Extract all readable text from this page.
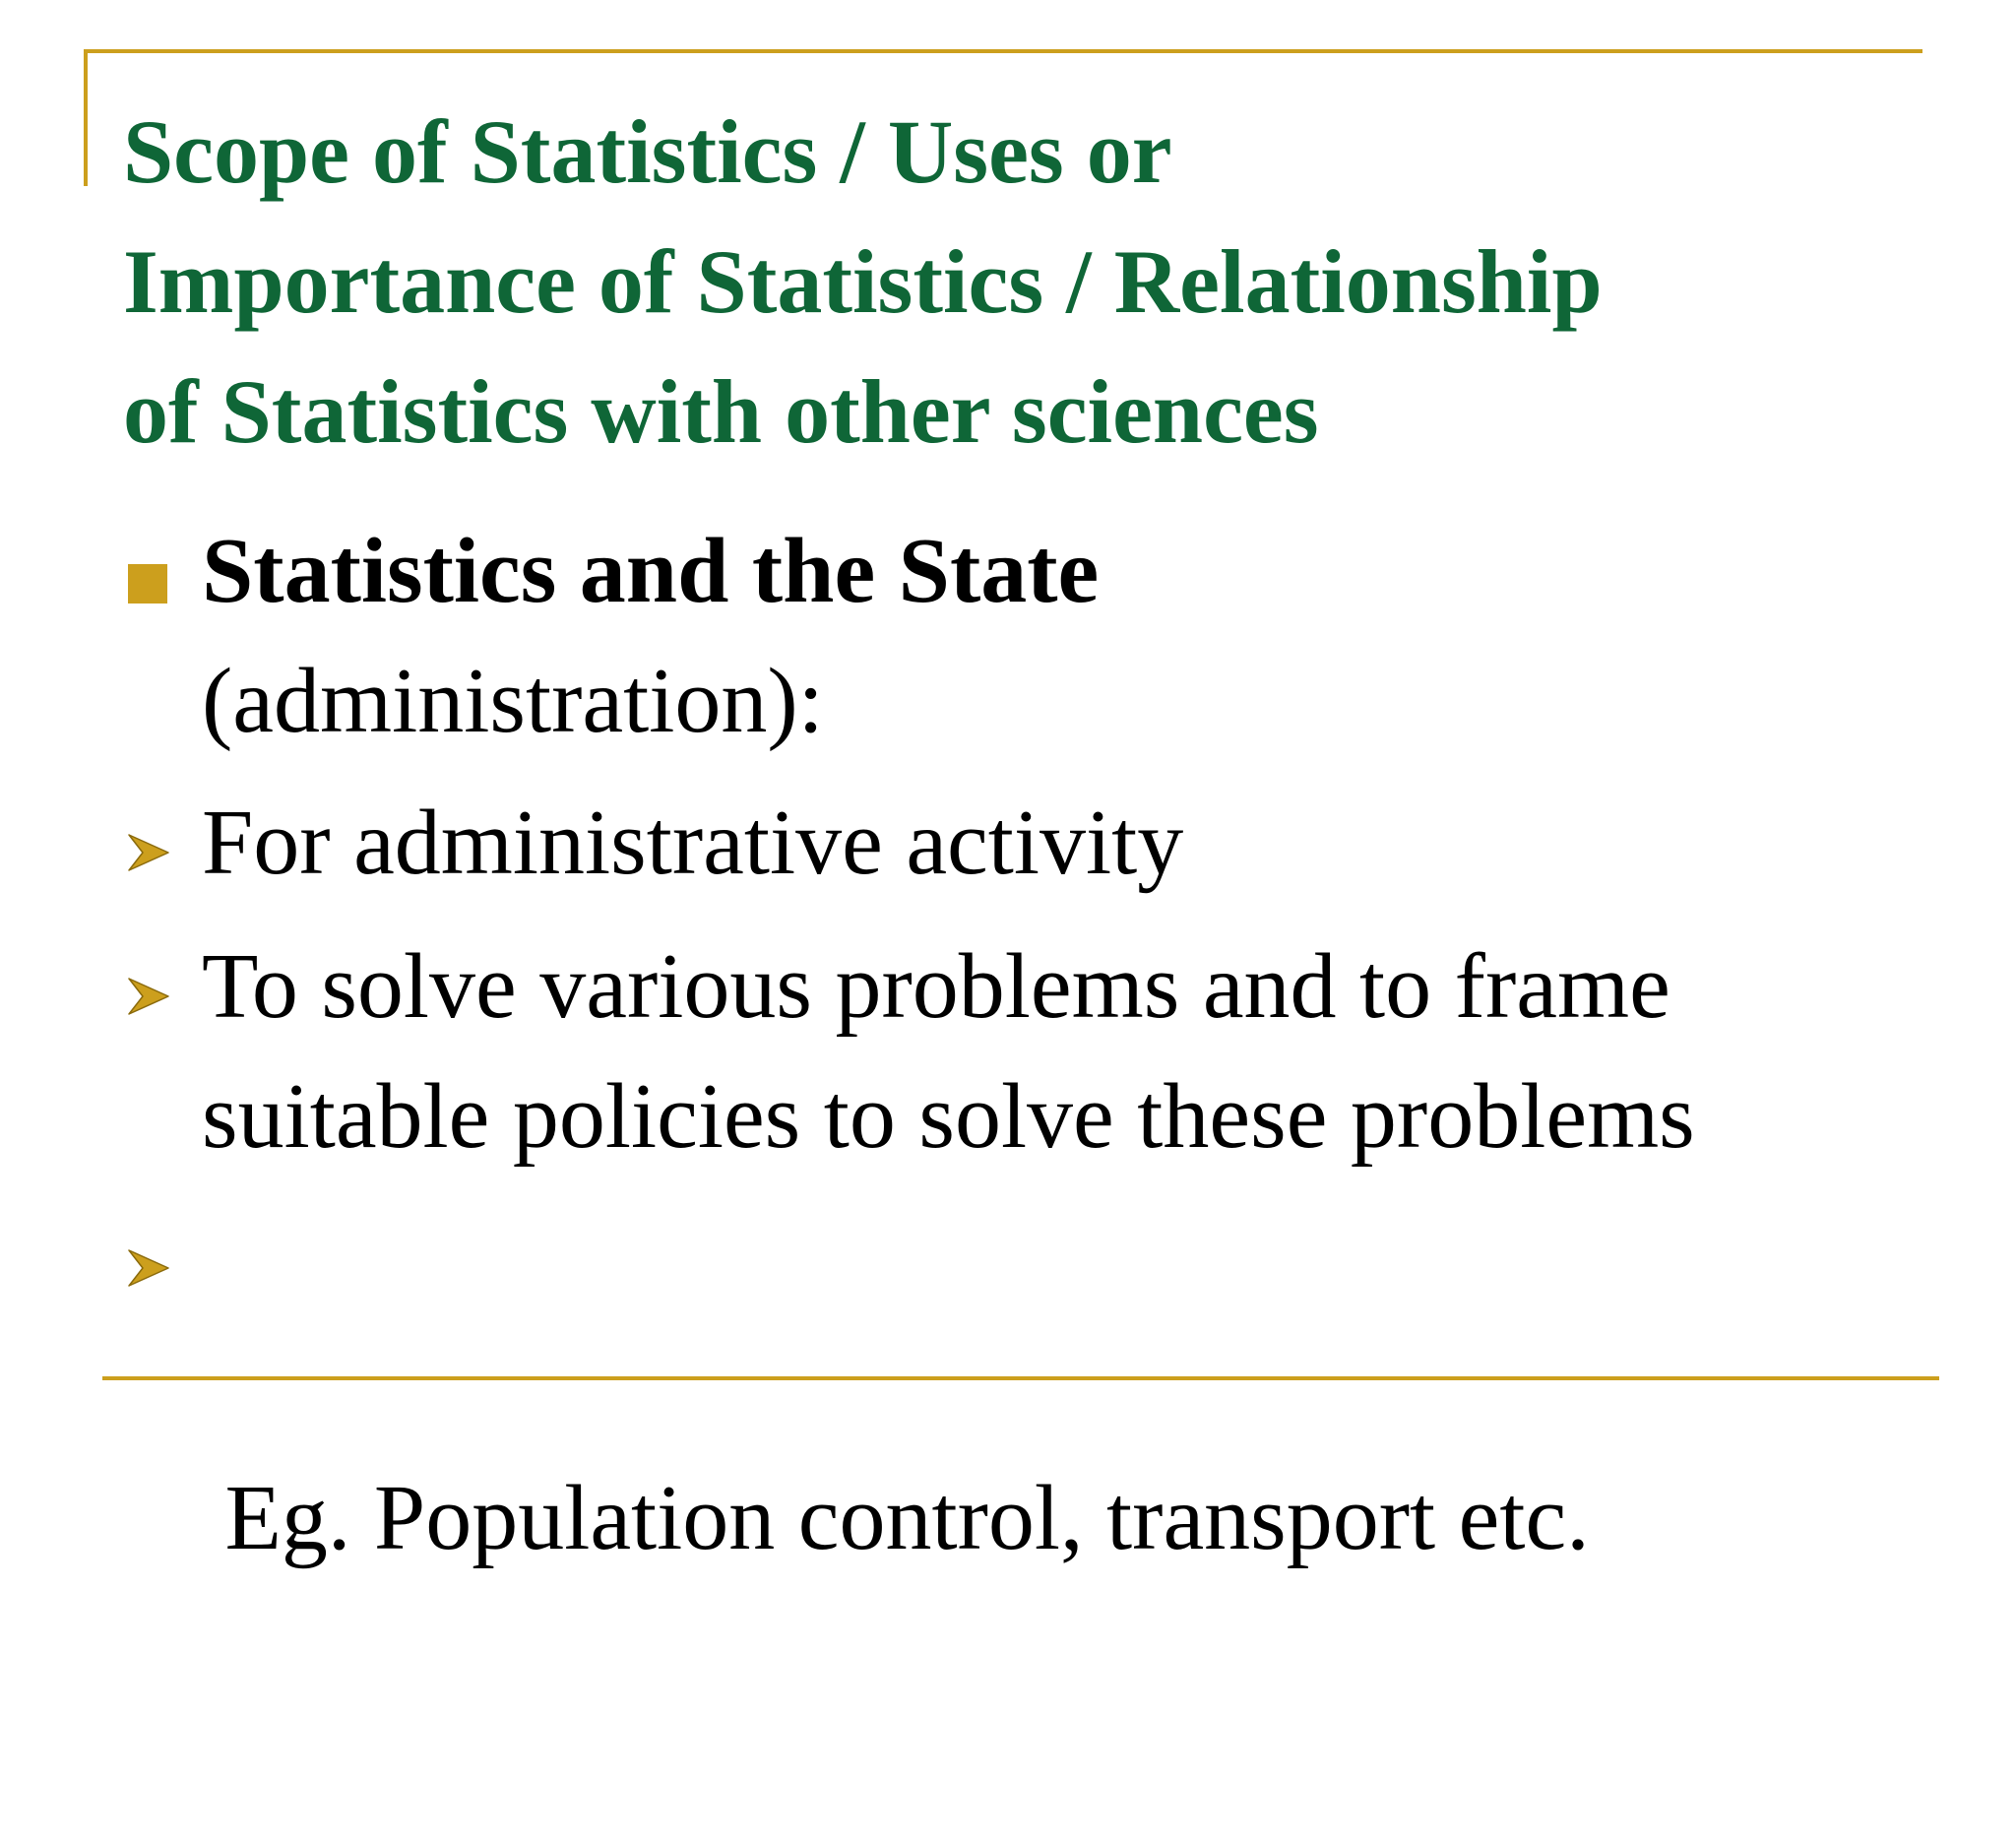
Scope of Statistics / Uses or
Importance of Statistics / Relationship
of Statistics with other sciences

Statistics and the State
(administration):

For administrative activity

To solve various problems and to frame
suitable policies to solve these problems

Eg. Population control, transport etc.
